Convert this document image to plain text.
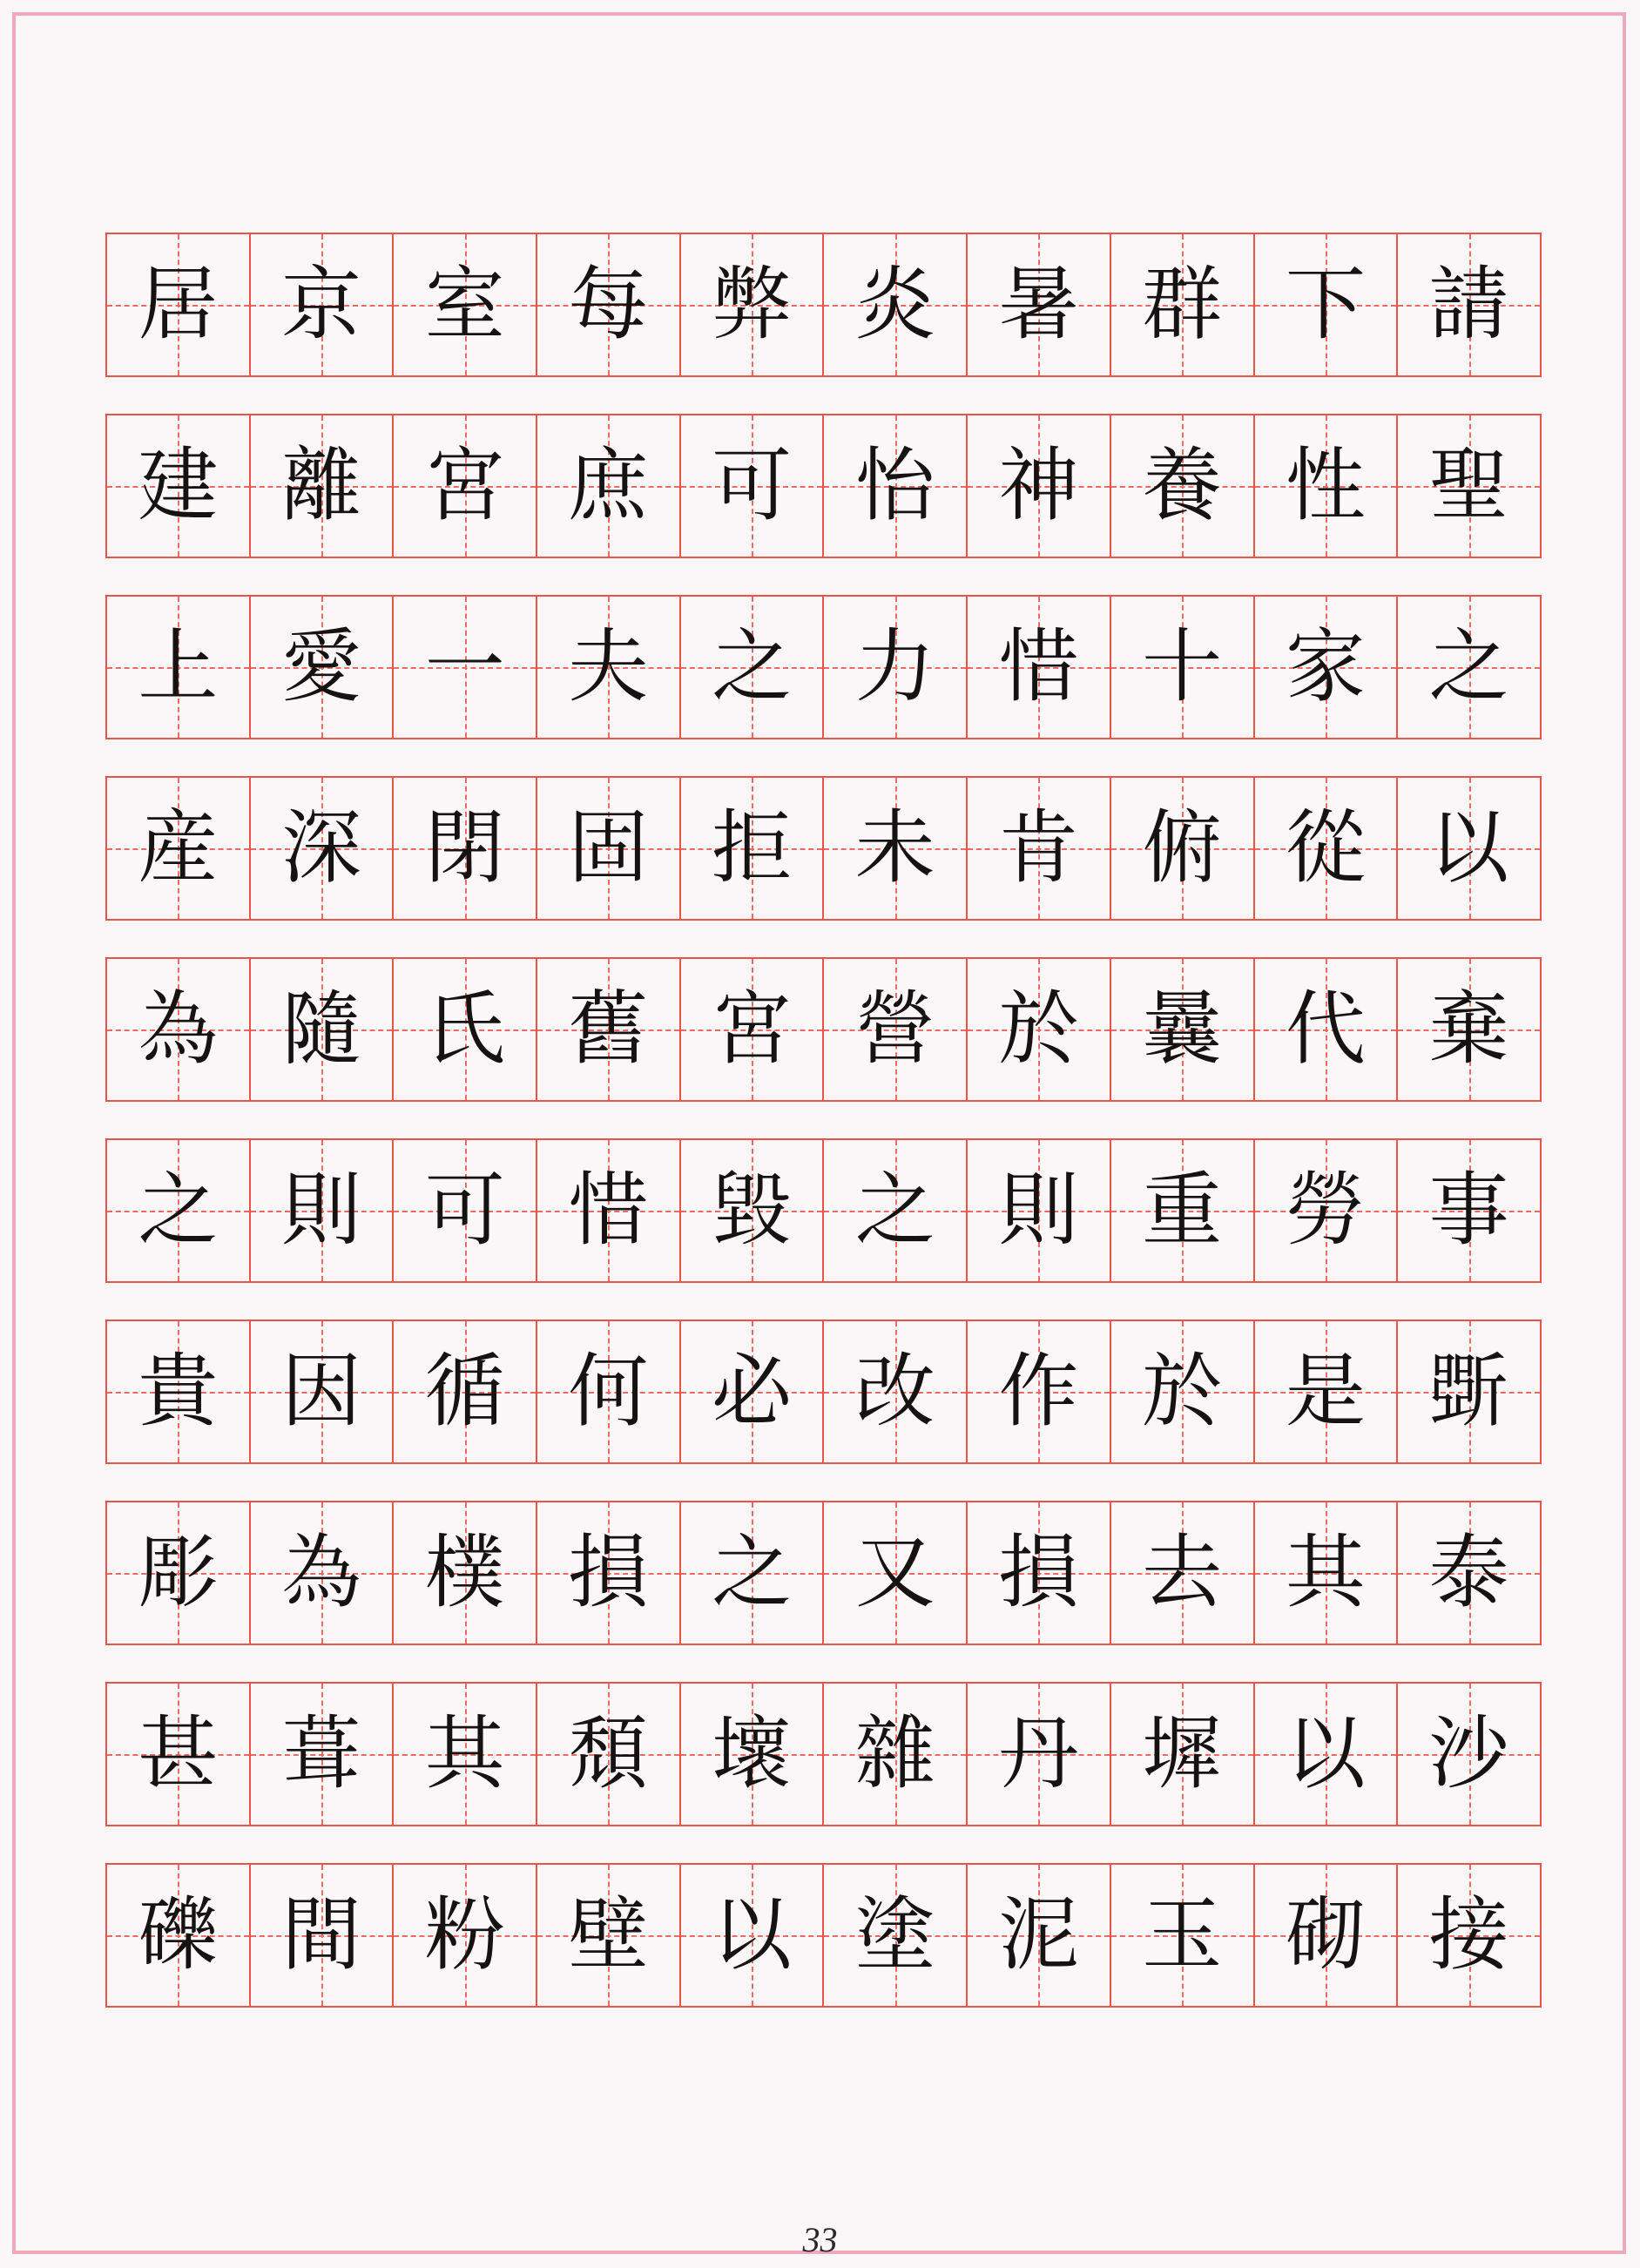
居 京 室 每 弊 炎 暑 群 下 請
建 離 宮 庶 可 怡 神 養 性 聖
上 愛 一 夫 之 力 惜 十 家 之
産 深 閉 固 拒 未 肯 俯 從 以
為 隨 氏 舊 宮 營 於 曩 代 棄
之 則 可 惜 毀 之 則 重 勞 事
貴 因 循 何 必 改 作 於 是 斲
彫 為 樸 損 之 又 損 去 其 泰
甚 葺 其 頹 壞 雜 丹 墀 以 沙
礫 間 粉 壁 以 塗 泥 玉 砌 接
33
